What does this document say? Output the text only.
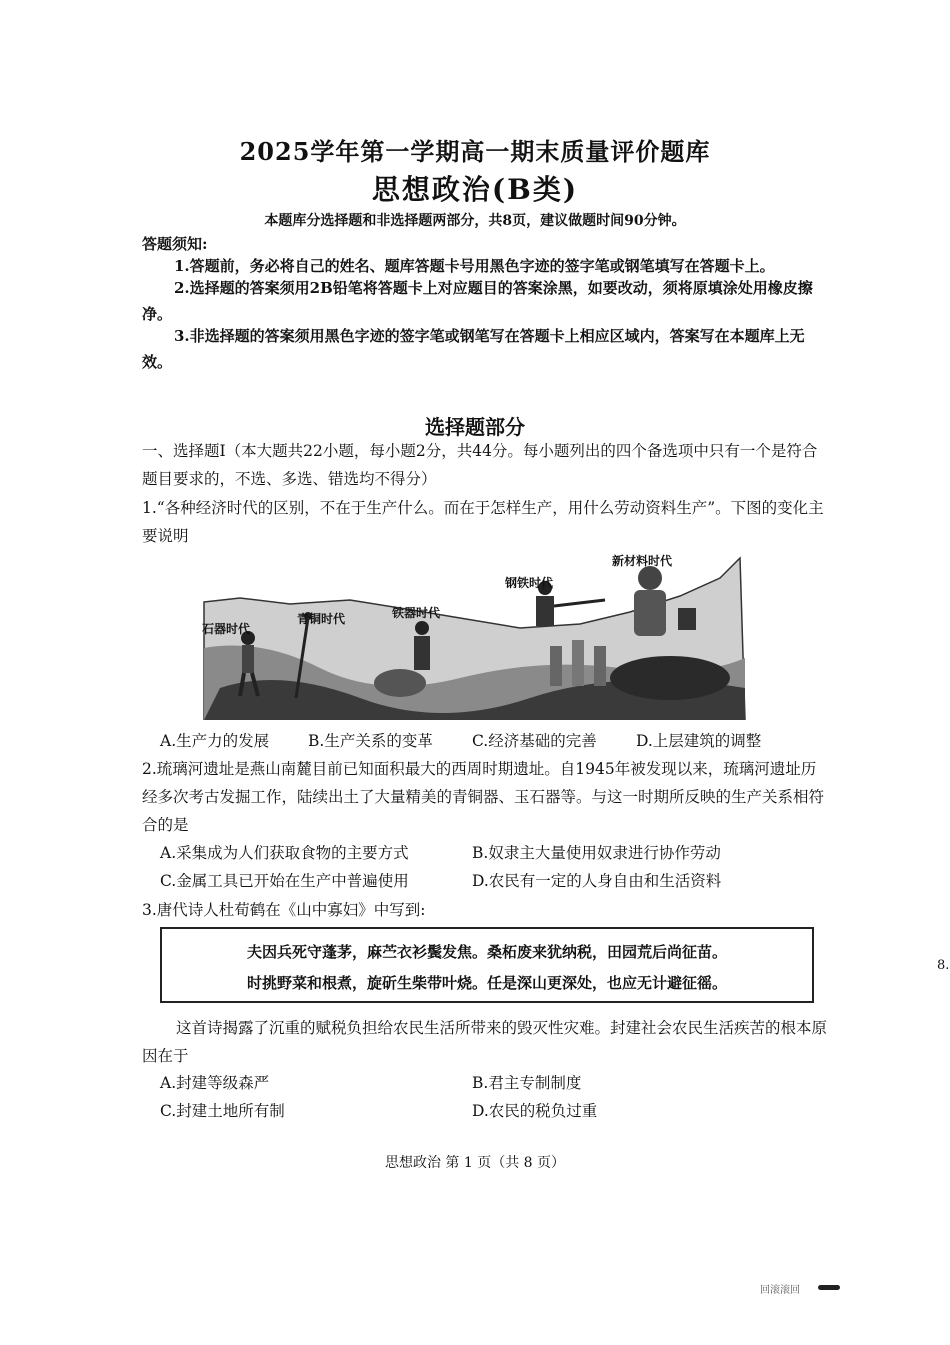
2025学年第一学期高一期末质量评价题库
思想政治(B类)
本题库分选择题和非选择题两部分，共8页，建议做题时间90分钟。
答题须知:
1.答题前，务必将自己的姓名、题库答题卡号用黑色字迹的签字笔或钢笔填写在答题卡上。
2.选择题的答案须用2B铅笔将答题卡上对应题目的答案涂黑，如要改动，须将原填涂处用橡皮擦净。
3.非选择题的答案须用黑色字迹的签字笔或钢笔写在答题卡上相应区域内，答案写在本题库上无效。
选择题部分
一、选择题Ⅰ（本大题共22小题，每小题2分，共44分。每小题列出的四个备选项中只有一个是符合题目要求的，不选、多选、错选均不得分）
1.“各种经济时代的区别，不在于生产什么。而在于怎样生产，用什么劳动资料生产”。下图的变化主要说明
石器时代
青铜时代	铁器时代
钢铁时代
新材料时代
A.生产力的发展	B.生产关系的变革	C.经济基础的完善	D.上层建筑的调整
2.琉璃河遗址是燕山南麓目前已知面积最大的西周时期遗址。自1945年被发现以来，琉璃河遗址历经多次考古发掘工作，陆续出土了大量精美的青铜器、玉石器等。与这一时期所反映的生产关系相符合的是
A.采集成为人们获取食物的主要方式	B.奴隶主大量使用奴隶进行协作劳动
C.金属工具已开始在生产中普遍使用	D.农民有一定的人身自由和生活资料
3.唐代诗人杜荀鹤在《山中寡妇》中写到:
夫因兵死守蓬茅，麻苎衣衫鬓发焦。桑柘废来犹纳税，田园荒后尚征苗。
时挑野菜和根煮，旋斫生柴带叶烧。任是深山更深处，也应无计避征徭。
这首诗揭露了沉重的赋税负担给农民生活所带来的毁灭性灾难。封建社会农民生活疾苦的根本原因在于
A.封建等级森严	B.君主专制制度
C.封建土地所有制	D.农民的税负过重
思想政治 第 1 页（共 8 页）
8.
回滚滚回
